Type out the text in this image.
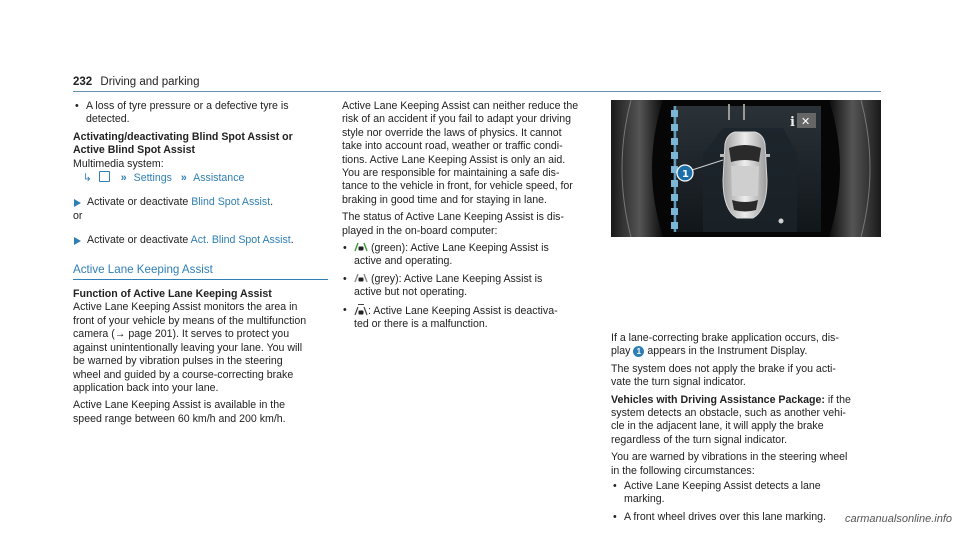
232 Driving and parking

• A loss of tyre pressure or a defective tyre is
detected.

Activating/deactivating Blind Spot Assist or
Active Blind Spot Assist

Multimedia system:

↳	» Settings » Assistance

Activate or deactivate Blind Spot Assist.

or

Activate or deactivate Act. Blind Spot Assist.

Active Lane Keeping Assist

Function of Active Lane Keeping Assist

Active Lane Keeping Assist monitors the area in
front of your vehicle by means of the multifunction
camera (→ page 201). It serves to protect you
against unintentionally leaving your lane. You will
be warned by vibration pulses in the steering
wheel and guided by a course-correcting brake
application back into your lane.

Active Lane Keeping Assist is available in the
speed range between 60 km/h and 200 km/h.

Active Lane Keeping Assist can neither reduce the
risk of an accident if you fail to adapt your driving
style nor override the laws of physics. It cannot
take into account road, weather or traffic condi-
tions. Active Lane Keeping Assist is only an aid.
You are responsible for maintaining a safe dis-
tance to the vehicle in front, for vehicle speed, for
braking in good time and for staying in lane.

The status of Active Lane Keeping Assist is dis-
played in the on-board computer:

• (green): Active Lane Keeping Assist is
active and operating.

• (grey): Active Lane Keeping Assist is
active but not operating.

• : Active Lane Keeping Assist is deactiva-
ted or there is a malfunction.

i ✕
1

If a lane-correcting brake application occurs, dis-
play 1 appears in the Instrument Display.

The system does not apply the brake if you acti-
vate the turn signal indicator.

Vehicles with Driving Assistance Package: if the
system detects an obstacle, such as another vehi-
cle in the adjacent lane, it will apply the brake
regardless of the turn signal indicator.

You are warned by vibrations in the steering wheel
in the following circumstances:

• Active Lane Keeping Assist detects a lane
marking.

• A front wheel drives over this lane marking.	carmanualsonline.info
